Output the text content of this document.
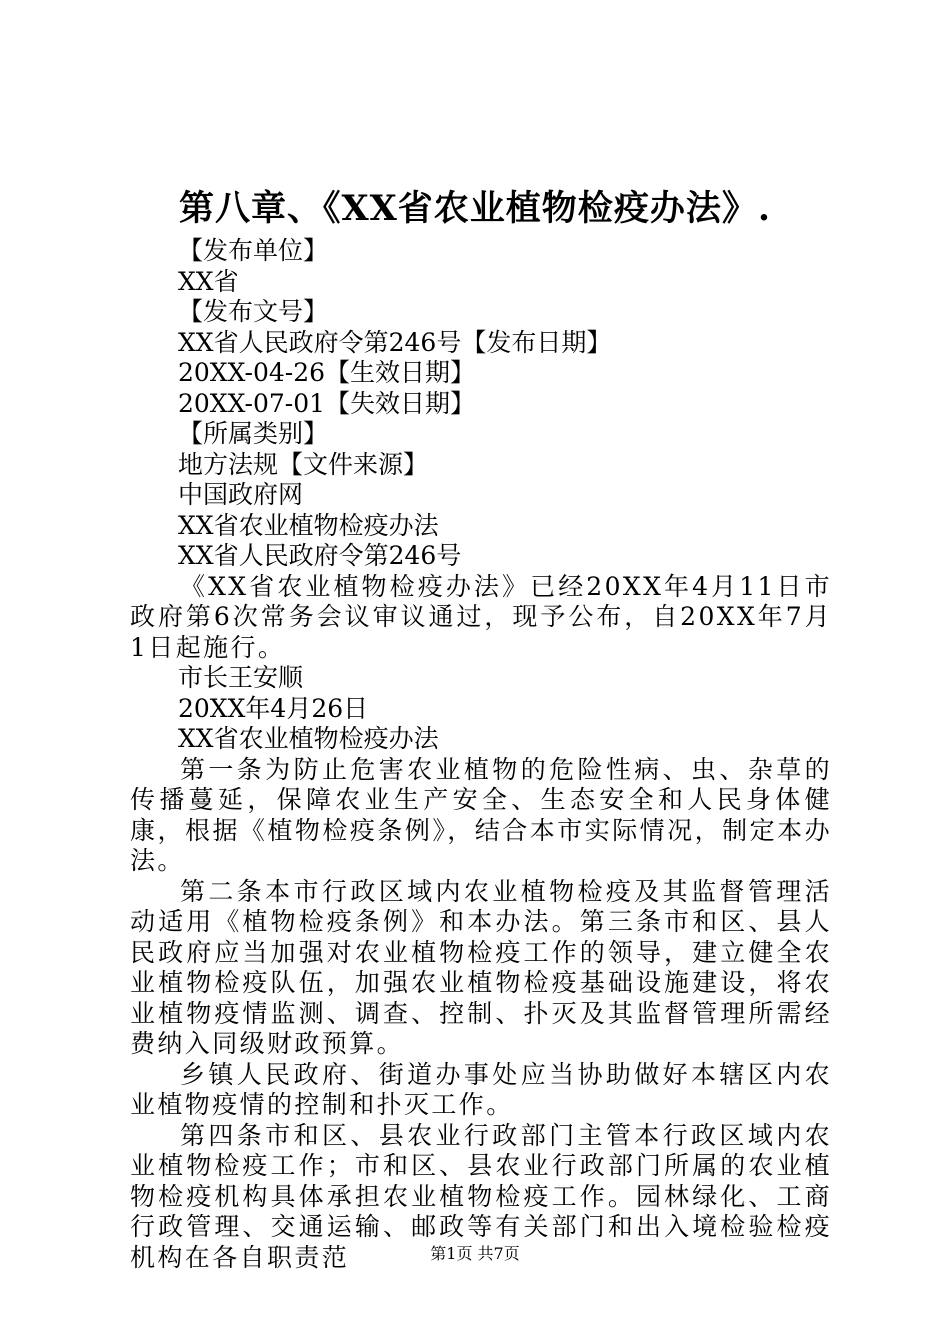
第八章、《XX省农业植物检疫办法》.
【发布单位】
XX省
【发布文号】
XX省人民政府令第246号【发布日期】
20XX-04-26【生效日期】
20XX-07-01【失效日期】
【所属类别】
地方法规【文件来源】
中国政府网
XX省农业植物检疫办法
XX省人民政府令第246号
《XX省农业植物检疫办法》已经20XX年4月11日市政府第6次常务会议审议通过，现予公布，自20XX年7月1日起施行。
市长王安顺
20XX年4月26日
XX省农业植物检疫办法
第一条为防止危害农业植物的危险性病、虫、杂草的传播蔓延，保障农业生产安全、生态安全和人民身体健康，根据《植物检疫条例》，结合本市实际情况，制定本办法。
第二条本市行政区域内农业植物检疫及其监督管理活动适用《植物检疫条例》和本办法。第三条市和区、县人民政府应当加强对农业植物检疫工作的领导，建立健全农业植物检疫队伍，加强农业植物检疫基础设施建设，将农业植物疫情监测、调查、控制、扑灭及其监督管理所需经费纳入同级财政预算。
乡镇人民政府、街道办事处应当协助做好本辖区内农业植物疫情的控制和扑灭工作。
第四条市和区、县农业行政部门主管本行政区域内农业植物检疫工作；市和区、县农业行政部门所属的农业植物检疫机构具体承担农业植物检疫工作。园林绿化、工商行政管理、交通运输、邮政等有关部门和出入境检验检疫机构在各自职责范	第1页 共7页
